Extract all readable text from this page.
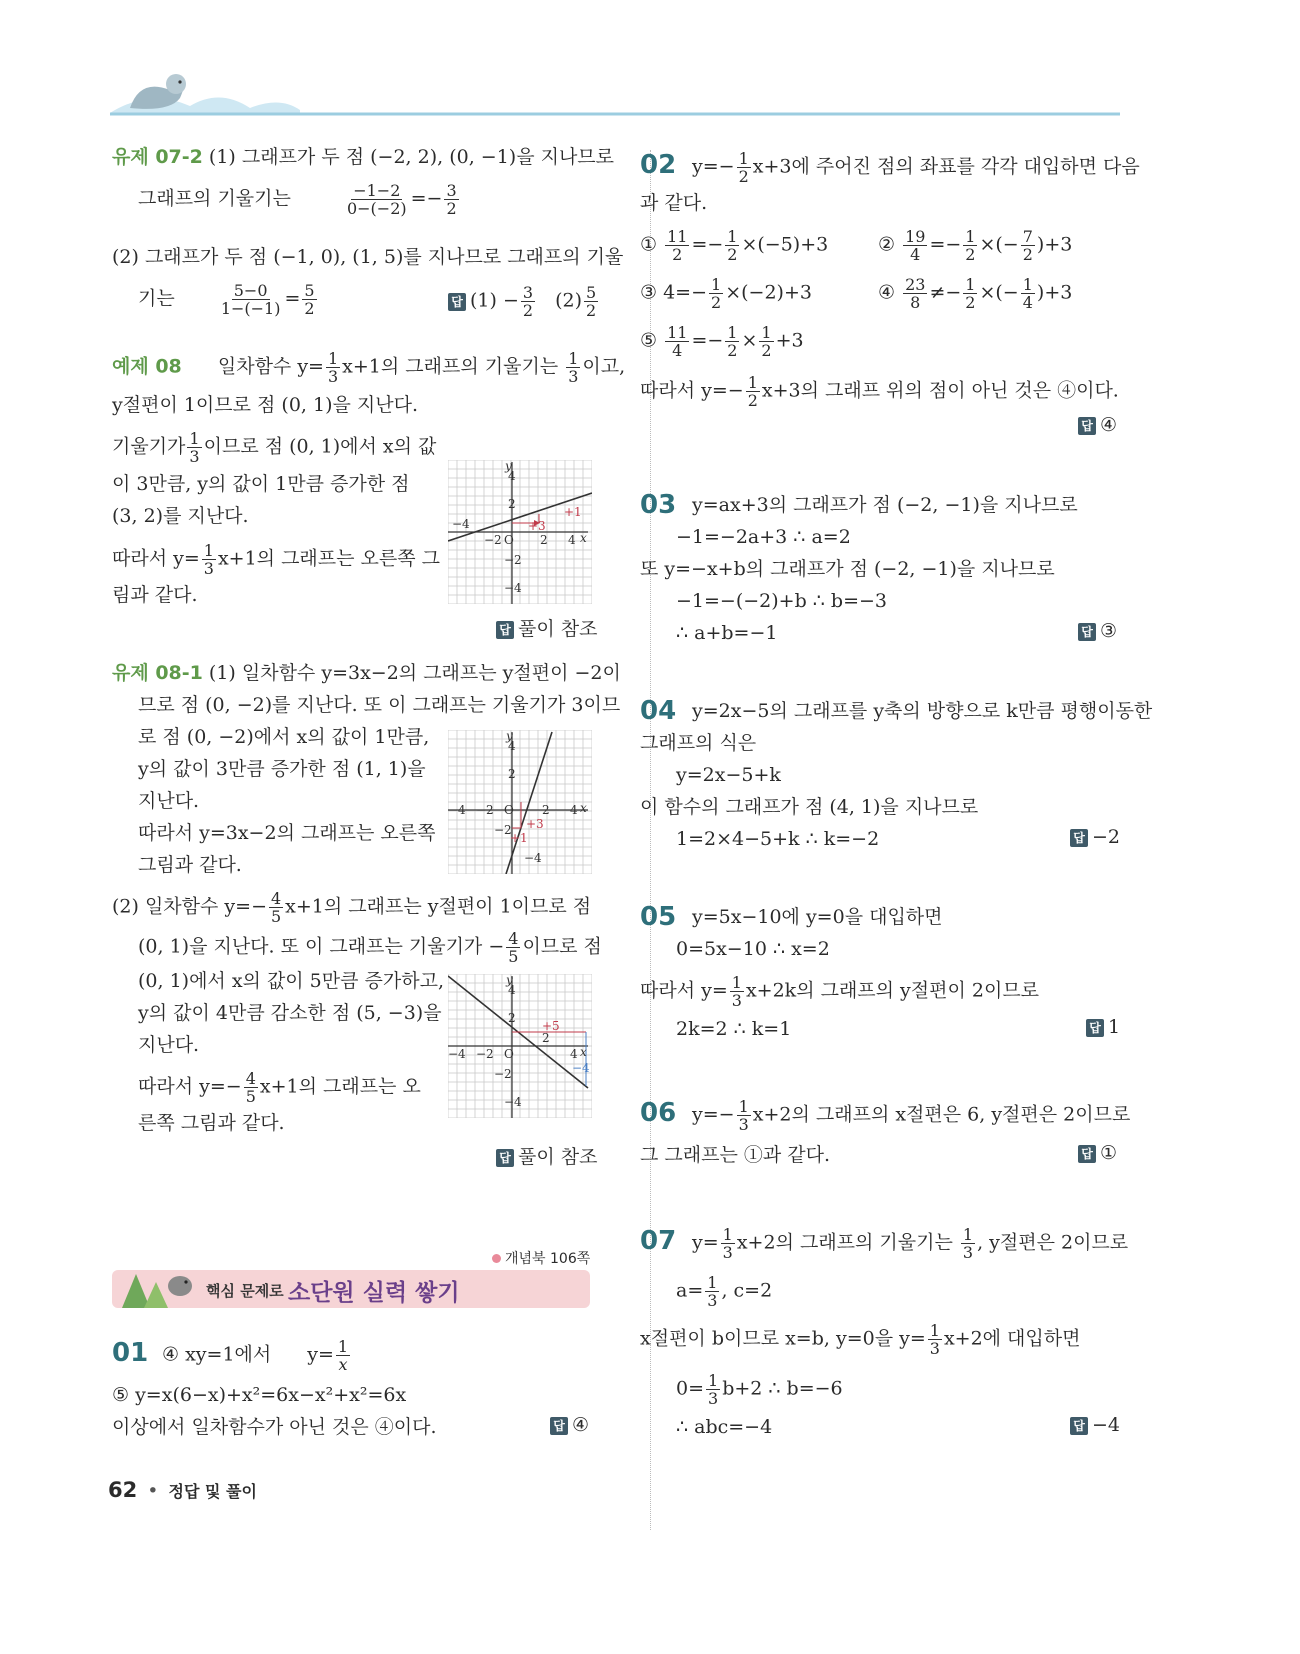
유제 07-2 (1) 그래프가 두 점 (−2, 2), (0, −1)을 지나므로
그래프의 기울기는	$\frac{-1-2}{0-(-2)} =- \frac{3}{2}$
(2) 그래프가 두 점 (−1, 0), (1, 5)를 지나므로 그래프의 기울
기는	$\frac{5-0}{1-(-1)} = \frac{5}{2}$	답 $(1) - \frac{3}{2} (2) \frac{5}{2}$
예제 08 일차함수 $y= \frac{1}{3} x+1$의 그래프의 기울기는 $\frac{1}{3}$ 이고,
y절편이 1이므로 점 (0, 1)을 지난다.
기울기가 $\frac{1}{3}$ 이므로 점 (0, 1)에서 x의 값
이 3만큼, y의 값이 1만큼 증가한 점
(3, 2)를 지난다.
따라서 $y= \frac{1}{3} x+1$의 그래프는 오른쪽 그
림과 같다.
답 풀이 참조
y
4
2
−4
−2 O 2 4 x
−2
−4
+3
+1
유제 08-1 (1) 일차함수 y=3x−2의 그래프는 y절편이 −2이
므로 점 (0, −2)를 지난다. 또 이 그래프는 기울기가 3이므
로 점 (0, −2)에서 x의 값이 1만큼,
y의 값이 3만큼 증가한 점 (1, 1)을
지난다.
따라서 y=3x−2의 그래프는 오른쪽
그림과 같다.
y
4
2
−4 −2 O 2 4 x
−2
−4
+3
+1
(2) 일차함수 $y=- \frac{4}{5} x+1$의 그래프는 y절편이 1이므로 점
(0, 1)을 지난다. 또 이 그래프는 기울기가 − $\frac{4}{5}$ 이므로 점
(0, 1)에서 x의 값이 5만큼 증가하고,
y의 값이 4만큼 감소한 점 (5, −3)을
지난다.
따라서 $y=- \frac{4}{5} x+1$의 그래프는 오
른쪽 그림과 같다.
y
4
2
−4 −2 O
2
4 x
−2
−4
+5
−4
답 풀이 참조
개념북 106쪽
핵심 문제로 소단원 실력 쌓기
01 ④ xy=1에서 $y= \frac{1}{x}$
⑤ y=x(6−x)+x²=6x−x²+x²=6x
이상에서 일차함수가 아닌 것은 ④이다.	답 ④
02 $y=- \frac{1}{2} x+3$에 주어진 점의 좌표를 각각 대입하면 다음
과 같다.
① $\frac{11}{2} =- \frac{1}{2} \times(-5)+3$	② $\frac{19}{4} =- \frac{1}{2}$ ×(− $\frac{7}{2} )+3$
③ $4=- \frac{1}{2} \times(-2)+3$	④ $\frac{23}{8} \ne- \frac{1}{2}$ ×(− $\frac{1}{4} )+3$
⑤ $\frac{11}{4} =- \frac{1}{2} \times \frac{1}{2} +3$
따라서 $y=- \frac{1}{2} x+3$의 그래프 위의 점이 아닌 것은 ④이다.
답 ④
03 y=ax+3의 그래프가 점 (−2, −1)을 지나므로
−1=−2a+3 ∴ a=2
또 y=−x+b의 그래프가 점 (−2, −1)을 지나므로
−1=−(−2)+b ∴ b=−3
∴ a+b=−1	답 ③
04 y=2x−5의 그래프를 y축의 방향으로 k만큼 평행이동한
그래프의 식은
y=2x−5+k
이 함수의 그래프가 점 (4, 1)을 지나므로
1=2×4−5+k ∴ k=−2	답 −2
05 y=5x−10에 y=0을 대입하면
0=5x−10 ∴ x=2
따라서 $y= \frac{1}{3} x+2k$의 그래프의 y절편이 2이므로
2k=2 ∴ k=1	답 1
06 $y=- \frac{1}{3} x+2$의 그래프의 x절편은 6, y절편은 2이므로
그 그래프는 ①과 같다.	답 ①
07 $y= \frac{1}{3} x+2$의 그래프의 기울기는 $\frac{1}{3}$ , y절편은 2이므로
$a= \frac{1}{3}$ , c=2
x절편이 b이므로 x=b, y=0을 $y= \frac{1}{3} x+2$에 대입하면
$0= \frac{1}{3} b+2$ ∴ b=−6
∴ abc=−4	답 −4
62 • 정답 및 풀이
